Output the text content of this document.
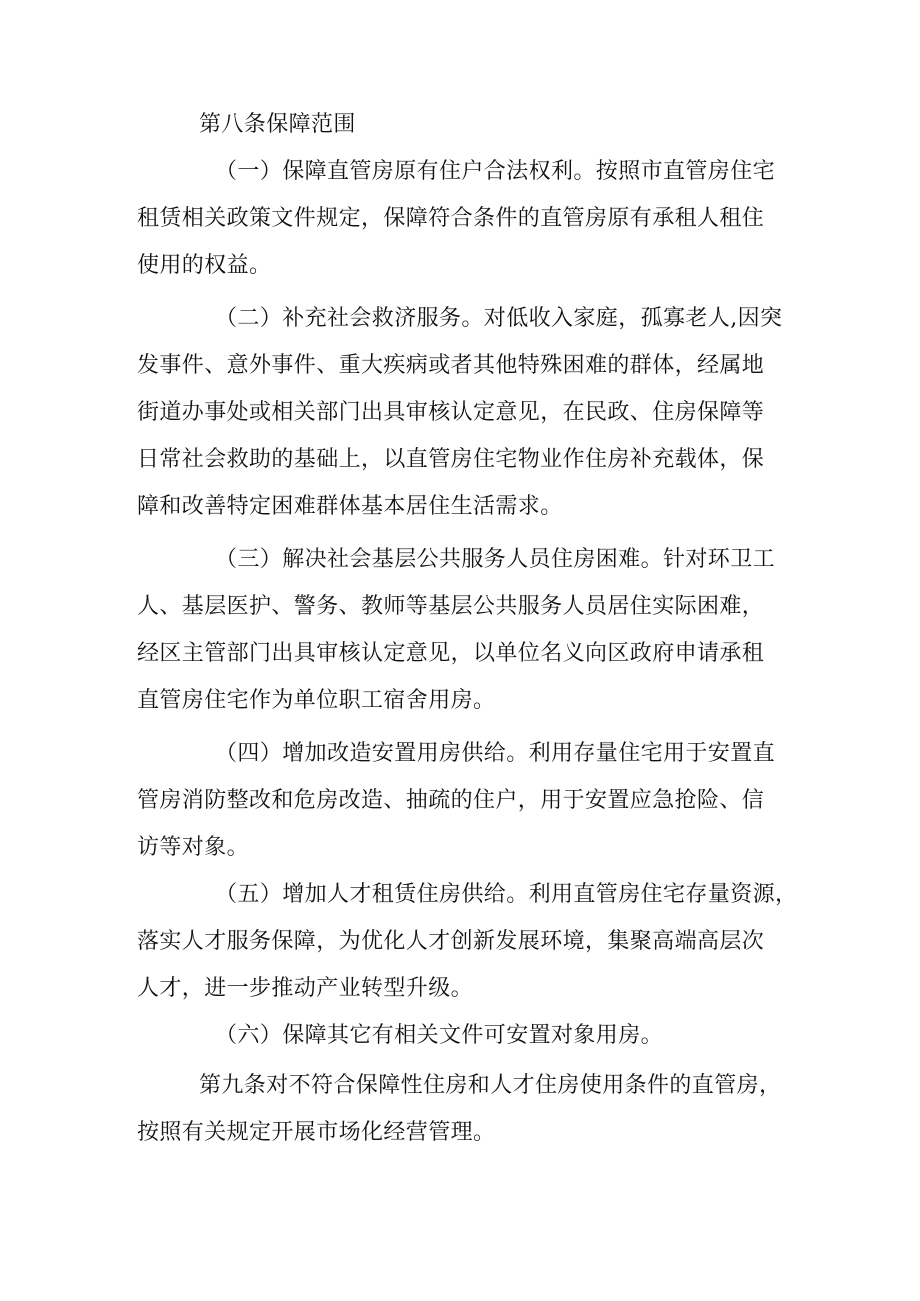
第八条保障范围
（一）保障直管房原有住户合法权利。按照市直管房住宅
租赁相关政策文件规定，保障符合条件的直管房原有承租人租住
使用的权益。
（二）补充社会救济服务。对低收入家庭，孤寡老人,因突
发事件、意外事件、重大疾病或者其他特殊困难的群体，经属地
街道办事处或相关部门出具审核认定意见，在民政、住房保障等
日常社会救助的基础上，以直管房住宅物业作住房补充载体，保
障和改善特定困难群体基本居住生活需求。
（三）解决社会基层公共服务人员住房困难。针对环卫工
人、基层医护、警务、教师等基层公共服务人员居住实际困难，
经区主管部门出具审核认定意见，以单位名义向区政府申请承租
直管房住宅作为单位职工宿舍用房。
（四）增加改造安置用房供给。利用存量住宅用于安置直
管房消防整改和危房改造、抽疏的住户，用于安置应急抢险、信
访等对象。
（五）增加人才租赁住房供给。利用直管房住宅存量资源，
落实人才服务保障，为优化人才创新发展环境，集聚高端高层次
人才，进一步推动产业转型升级。
（六）保障其它有相关文件可安置对象用房。
第九条对不符合保障性住房和人才住房使用条件的直管房，
按照有关规定开展市场化经营管理。
